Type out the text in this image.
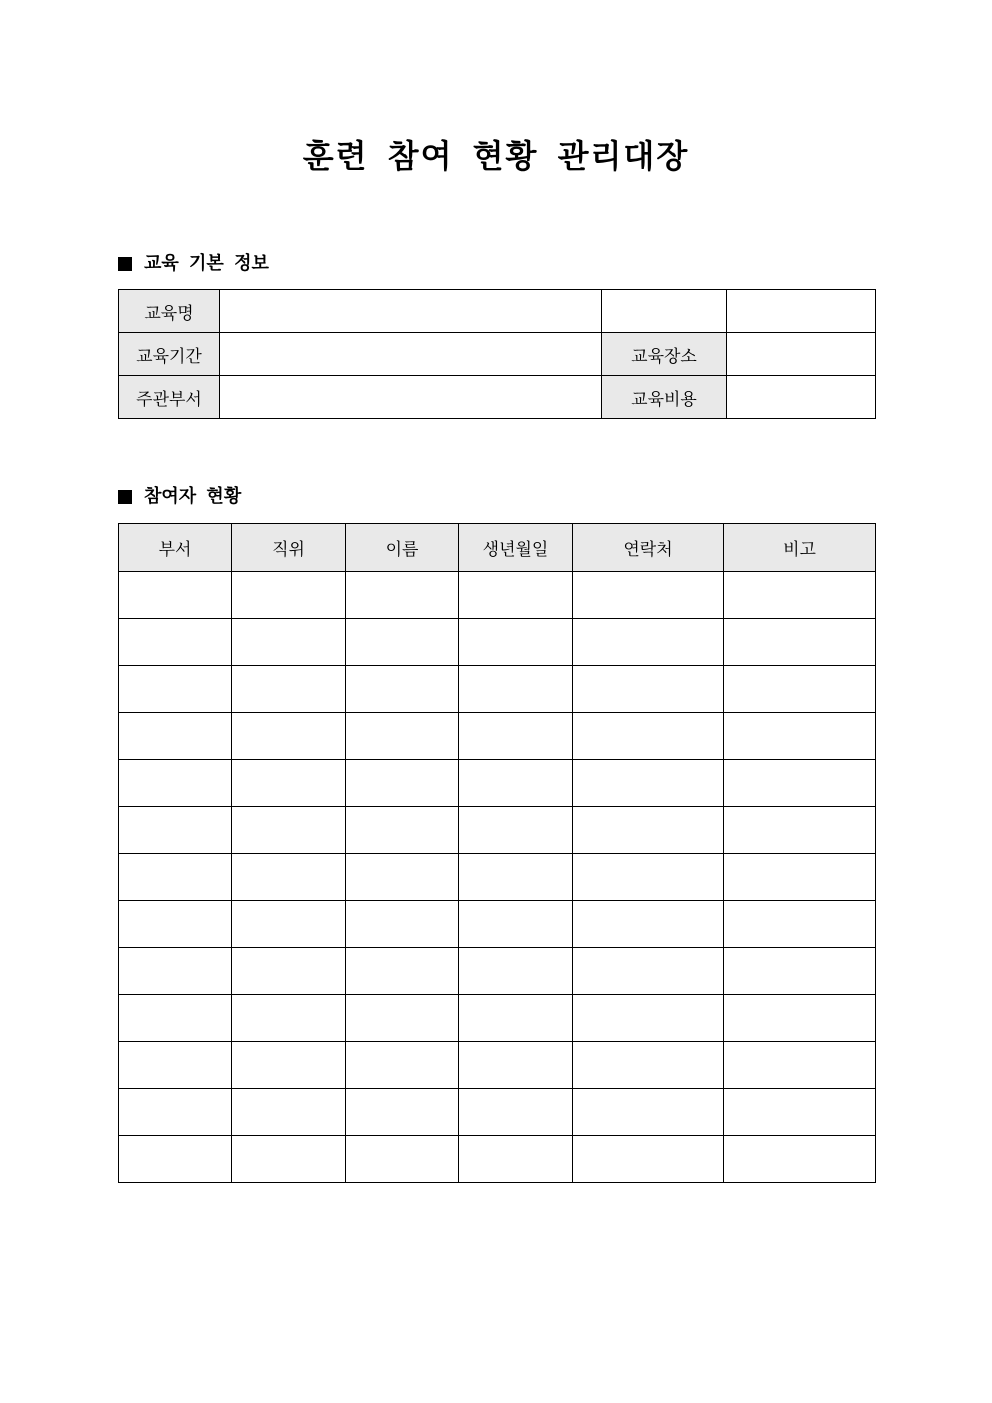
훈련 참여 현황 관리대장
교육 기본 정보
교육명			
교육기간		교육장소	
주관부서		교육비용	
참여자 현황
부서	직위	이름	생년월일	연락처	비고
